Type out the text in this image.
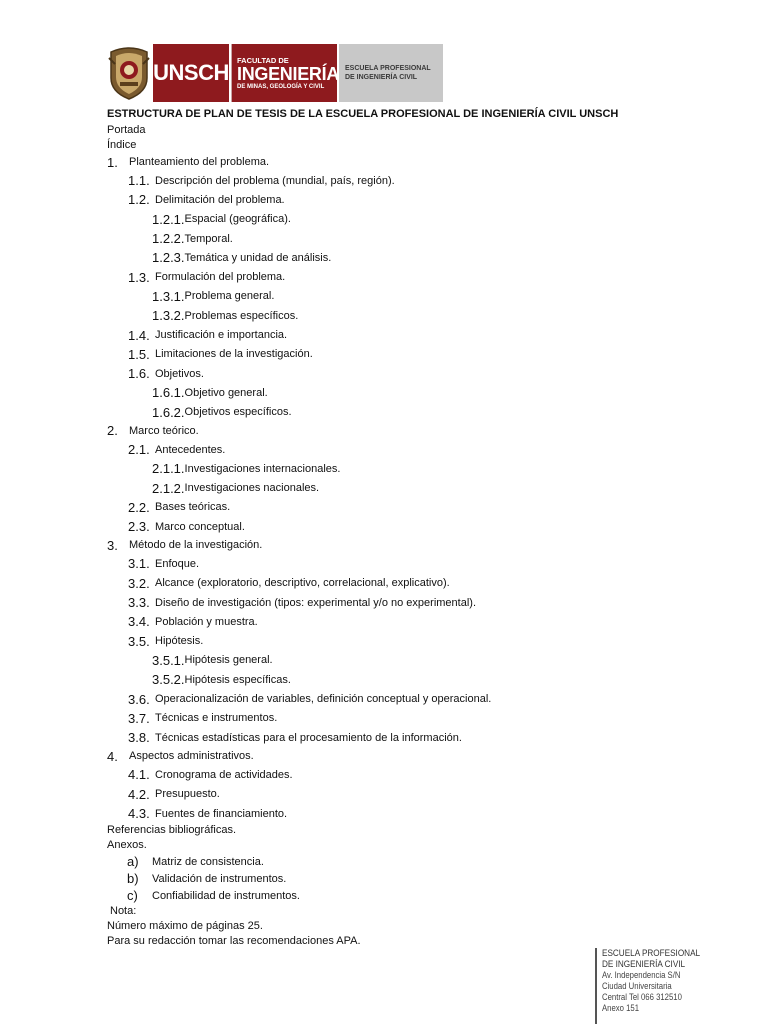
UNSCH FACULTAD DE
INGENIERÍA
DE MINAS, GEOLOGÍA Y CIVIL
ESCUELA PROFESIONAL
DE INGENIERÍA CIVIL
ESTRUCTURA DE PLAN DE TESIS DE LA ESCUELA PROFESIONAL DE INGENIERÍA CIVIL UNSCH
Portada
Índice
1.	Planteamiento del problema.
1.1. Descripción del problema (mundial, país, región).
1.2. Delimitación del problema.
1.2.1. Espacial (geográfica).
1.2.2. Temporal.
1.2.3. Temática y unidad de análisis.
1.3. Formulación del problema.
1.3.1. Problema general.
1.3.2. Problemas específicos.
1.4. Justificación e importancia.
1.5. Limitaciones de la investigación.
1.6. Objetivos.
1.6.1. Objetivo general.
1.6.2. Objetivos específicos.
2.	Marco teórico.
2.1. Antecedentes.
2.1.1. Investigaciones internacionales.
2.1.2. Investigaciones nacionales.
2.2. Bases teóricas.
2.3. Marco conceptual.
3.	Método de la investigación.
3.1. Enfoque.
3.2. Alcance (exploratorio, descriptivo, correlacional, explicativo).
3.3. Diseño de investigación (tipos: experimental y/o no experimental).
3.4. Población y muestra.
3.5. Hipótesis.
3.5.1. Hipótesis general.
3.5.2. Hipótesis específicas.
3.6. Operacionalización de variables, definición conceptual y operacional.
3.7. Técnicas e instrumentos.
3.8. Técnicas estadísticas para el procesamiento de la información.
4.	Aspectos administrativos.
4.1. Cronograma de actividades.
4.2. Presupuesto.
4.3. Fuentes de financiamiento.
Referencias bibliográficas.
Anexos.
a)	Matriz de consistencia.
b)	Validación de instrumentos.
c)	Confiabilidad de instrumentos.
Nota:
Número máximo de páginas 25.
Para su redacción tomar las recomendaciones APA.
ESCUELA PROFESIONAL
DE INGENIERÍA CIVIL
Av. Independencia S/N
Ciudad Universitaria
Central Tel 066 312510
Anexo 151
